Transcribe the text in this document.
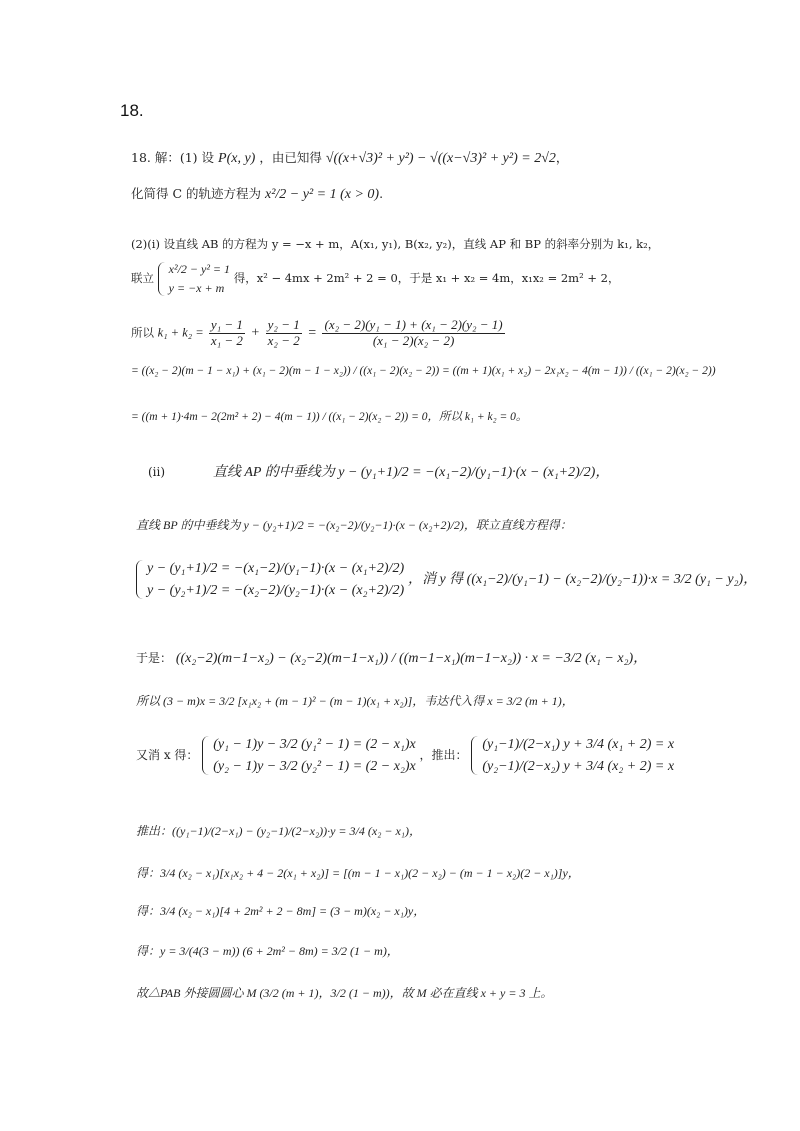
18.
18. 解：(1) 设 P(x, y) ，由已知得 √((x+√3)² + y²) − √((x−√3)² + y²) = 2√2，
化简得 C 的轨迹方程为 x²/2 − y² = 1 (x > 0).
(2)(i) 设直线 AB 的方程为 y = −x + m，A(x₁, y₁), B(x₂, y₂)，直线 AP 和 BP 的斜率分别为 k₁, k₂，
联立
x²/2 − y² = 1
y = −x + m
得，x² − 4mx + 2m² + 2 = 0，于是 x₁ + x₂ = 4m，x₁x₂ = 2m² + 2，
所以 $k_1 + k_2 = \frac{\text{y₁ − 1}}{\text{x₁ − 2}} + \frac{\text{y₂ − 1}}{\text{x₂ − 2}} = \frac{\text{(x₂ − 2)(y₁ − 1) + (x₁ − 2)(y₂ − 1)}}{\text{(x₁ − 2)(x₂ − 2)}}$
= ((x₂ − 2)(m − 1 − x₁) + (x₁ − 2)(m − 1 − x₂)) / ((x₁ − 2)(x₂ − 2)) = ((m + 1)(x₁ + x₂) − 2x₁x₂ − 4(m − 1)) / ((x₁ − 2)(x₂ − 2))
= ((m + 1)·4m − 2(2m² + 2) − 4(m − 1)) / ((x₁ − 2)(x₂ − 2)) = 0，所以 k₁ + k₂ = 0。
(ii)	直线 AP 的中垂线为 y − (y₁+1)/2 = −(x₁−2)/(y₁−1)·(x − (x₁+2)/2)，
直线 BP 的中垂线为 y − (y₂+1)/2 = −(x₂−2)/(y₂−1)·(x − (x₂+2)/2)，联立直线方程得：
y − (y₁+1)/2 = −(x₁−2)/(y₁−1)·(x − (x₁+2)/2)
y − (y₂+1)/2 = −(x₂−2)/(y₂−1)·(x − (x₂+2)/2)
，消 y 得 ((x₁−2)/(y₁−1) − (x₂−2)/(y₂−1))·x = 3/2 (y₁ − y₂)，
于是： ((x₂−2)(m−1−x₂) − (x₂−2)(m−1−x₁)) / ((m−1−x₁)(m−1−x₂)) · x = −3/2 (x₁ − x₂)，
所以 (3 − m)x = 3/2 [x₁x₂ + (m − 1)² − (m − 1)(x₁ + x₂)]，韦达代入得 x = 3/2 (m + 1)，
又消 x 得：
(y₁ − 1)y − 3/2 (y₁² − 1) = (2 − x₁)x
(y₂ − 1)y − 3/2 (y₂² − 1) = (2 − x₂)x
，推出：
(y₁−1)/(2−x₁) y + 3/4 (x₁ + 2) = x
(y₂−1)/(2−x₂) y + 3/4 (x₂ + 2) = x
推出：((y₁−1)/(2−x₁) − (y₂−1)/(2−x₂))·y = 3/4 (x₂ − x₁)，
得：3/4 (x₂ − x₁)[x₁x₂ + 4 − 2(x₁ + x₂)] = [(m − 1 − x₁)(2 − x₂) − (m − 1 − x₂)(2 − x₁)]y，
得：3/4 (x₂ − x₁)[4 + 2m² + 2 − 8m] = (3 − m)(x₂ − x₁)y，
得：y = 3/(4(3 − m)) (6 + 2m² − 8m) = 3/2 (1 − m)，
故△PAB 外接圆圆心 M (3/2 (m + 1)，3/2 (1 − m))，故 M 必在直线 x + y = 3 上。
